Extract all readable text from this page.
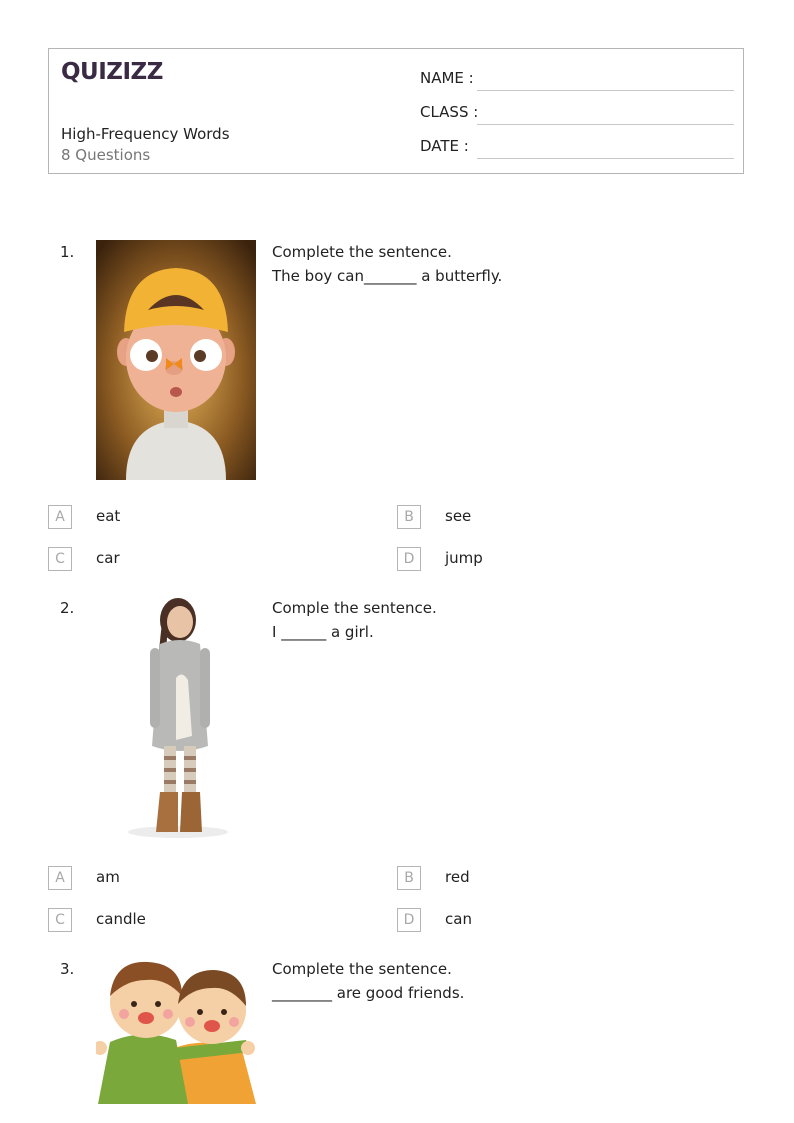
QUIZIZZ
High-Frequency Words
8 Questions
NAME :
CLASS :
DATE :
1.	Complete the sentence.
The boy can_______ a butterfly.
A	eat	B	see
C	car	D	jump
2.	Comple the sentence.
I ______ a girl.
A	am	B	red
C	candle	D	can
3.	Complete the sentence.
________ are good friends.
